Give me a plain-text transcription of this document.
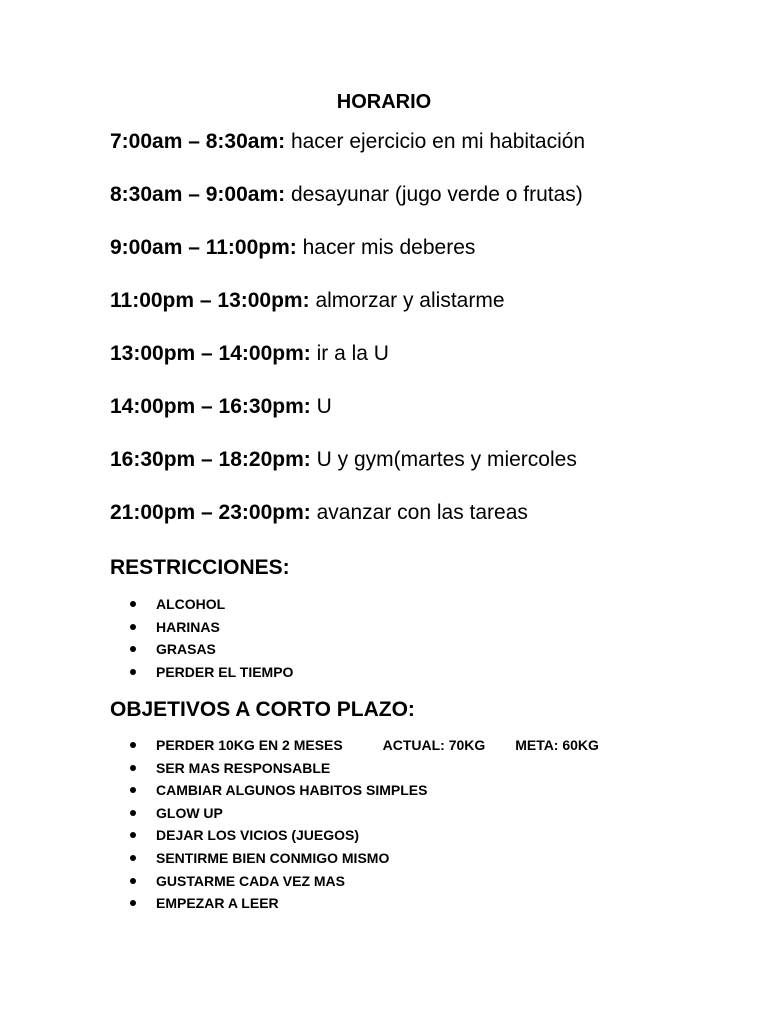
HORARIO
7:00am – 8:30am: hacer ejercicio en mi habitación
8:30am – 9:00am: desayunar (jugo verde o frutas)
9:00am – 11:00pm: hacer mis deberes
11:00pm – 13:00pm: almorzar y alistarme
13:00pm – 14:00pm: ir a la U
14:00pm – 16:30pm: U
16:30pm – 18:20pm: U y gym(martes y miercoles
21:00pm – 23:00pm: avanzar con las tareas
RESTRICCIONES:
ALCOHOL
HARINAS
GRASAS
PERDER EL TIEMPO
OBJETIVOS A CORTO PLAZO:
PERDER 10KG EN 2 MESES	ACTUAL: 70KG META: 60KG
SER MAS RESPONSABLE
CAMBIAR ALGUNOS HABITOS SIMPLES
GLOW UP
DEJAR LOS VICIOS (JUEGOS)
SENTIRME BIEN CONMIGO MISMO
GUSTARME CADA VEZ MAS
EMPEZAR A LEER
